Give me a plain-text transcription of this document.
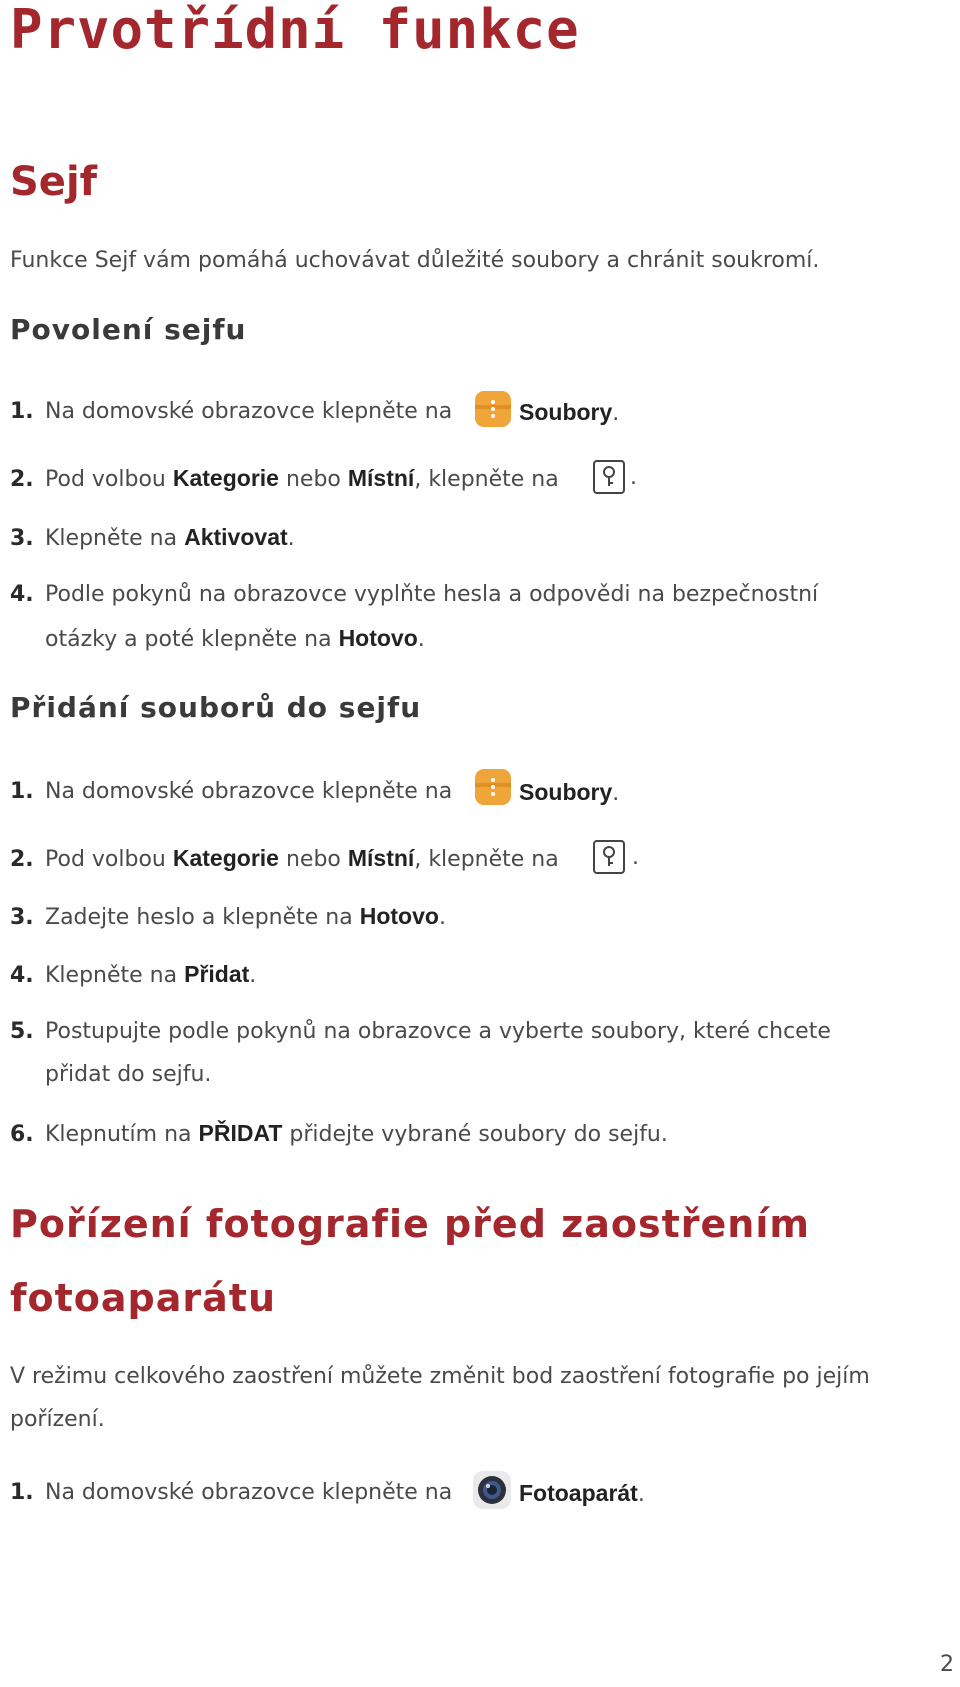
Prvotřídní funkce
Sejf
Funkce Sejf vám pomáhá uchovávat důležité soubory a chránit soukromí.
Povolení sejfu
1. Na domovské obrazovce klepněte na	Soubory.
2. Pod volbou Kategorie nebo Místní, klepněte na	.
3. Klepněte na Aktivovat.
4. Podle pokynů na obrazovce vyplňte hesla a odpovědi na bezpečnostní
otázky a poté klepněte na Hotovo.
Přidání souborů do sejfu
1. Na domovské obrazovce klepněte na	Soubory.
2. Pod volbou Kategorie nebo Místní, klepněte na	.
3. Zadejte heslo a klepněte na Hotovo.
4. Klepněte na Přidat.
5. Postupujte podle pokynů na obrazovce a vyberte soubory, které chcete
přidat do sejfu.
6. Klepnutím na PŘIDAT přidejte vybrané soubory do sejfu.
Pořízení fotografie před zaostřením
fotoaparátu
V režimu celkového zaostření můžete změnit bod zaostření fotografie po jejím
pořízení.
1. Na domovské obrazovce klepněte na	Fotoaparát.
2
